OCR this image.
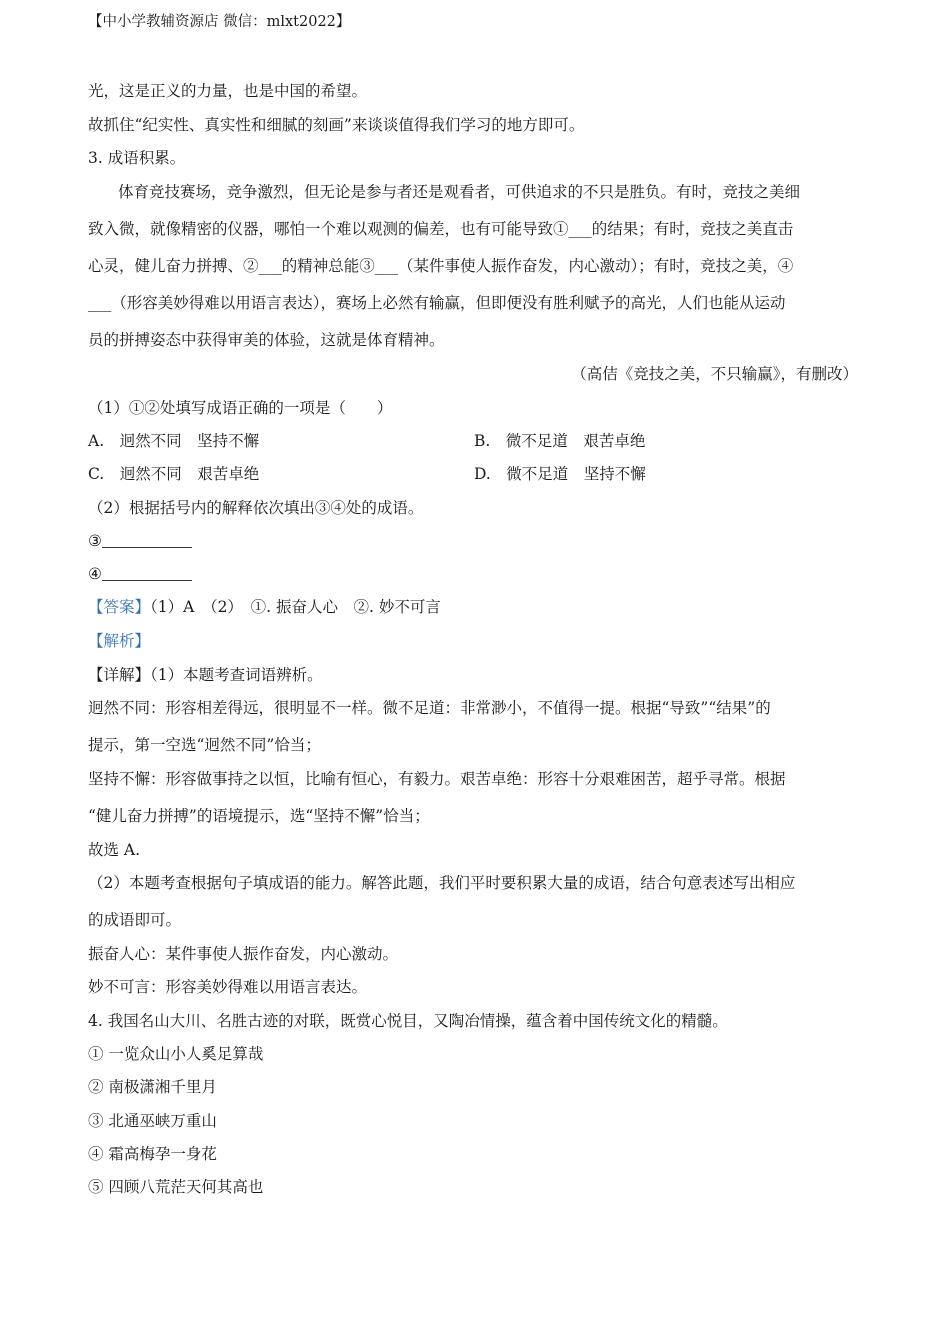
【中小学教辅资源店 微信：mlxt2022】
光，这是正义的力量，也是中国的希望。
故抓住“纪实性、真实性和细腻的刻画”来谈谈值得我们学习的地方即可。
3. 成语积累。
体育竞技赛场，竞争激烈，但无论是参与者还是观看者，可供追求的不只是胜负。有时，竞技之美细
致入微，就像精密的仪器，哪怕一个难以观测的偏差，也有可能导致①___的结果；有时，竞技之美直击
心灵，健儿奋力拼搏、②___的精神总能③___（某件事使人振作奋发，内心激动）；有时，竞技之美，④
___（形容美妙得难以用语言表达），赛场上必然有输赢，但即便没有胜利赋予的高光，人们也能从运动
员的拼搏姿态中获得审美的体验，这就是体育精神。
（高佶《竞技之美，不只输赢》，有删改）
（1）①②处填写成语正确的一项是（　　）
A.　迥然不同　坚持不懈	B.　微不足道　艰苦卓绝
C.　迥然不同　艰苦卓绝	D.　微不足道　坚持不懈
（2）根据括号内的解释依次填出③④处的成语。
③
④
【答案】（1）A　（2）　①. 振奋人心　②. 妙不可言
【解析】
【详解】（1）本题考查词语辨析。
迥然不同：形容相差得远，很明显不一样。微不足道：非常渺小，不值得一提。根据“导致”“结果”的
提示，第一空选“迥然不同”恰当；
坚持不懈：形容做事持之以恒，比喻有恒心，有毅力。艰苦卓绝：形容十分艰难困苦，超乎寻常。根据
“健儿奋力拼搏”的语境提示，选“坚持不懈”恰当；
故选 A.
（2）本题考查根据句子填成语的能力。解答此题，我们平时要积累大量的成语，结合句意表述写出相应
的成语即可。
振奋人心：某件事使人振作奋发，内心激动。
妙不可言：形容美妙得难以用语言表达。
4. 我国名山大川、名胜古迹的对联，既赏心悦目，又陶冶情操，蕴含着中国传统文化的精髓。
① 一览众山小人奚足算哉
② 南极潇湘千里月
③ 北通巫峡万重山
④ 霜高梅孕一身花
⑤ 四顾八荒茫天何其高也
